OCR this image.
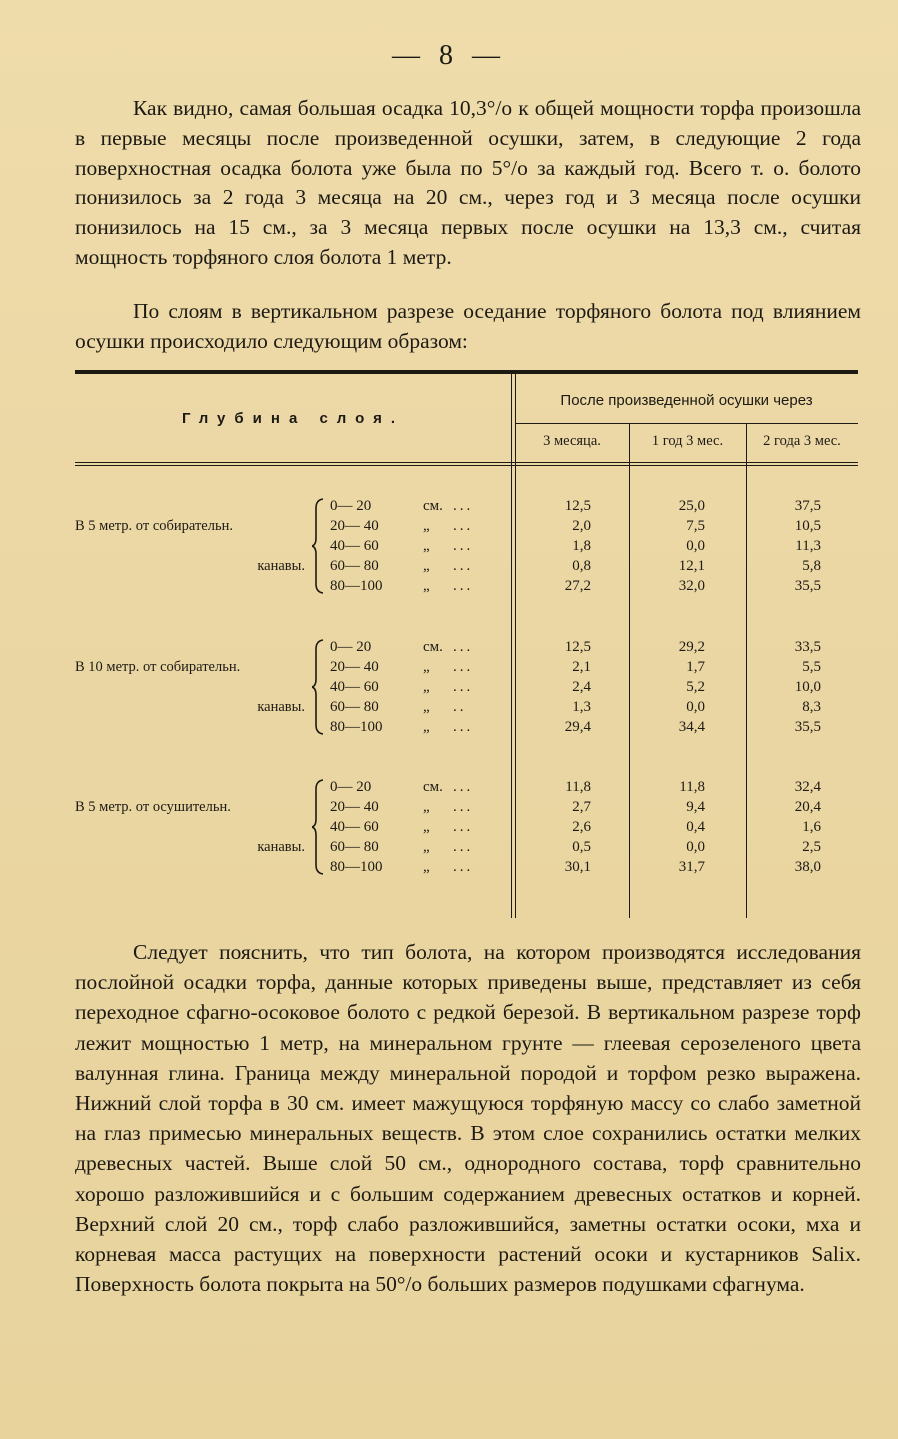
— 8 —

Как видно, самая большая осадка 10,3°/o к общей мощности торфа произошла в первые месяцы после произведенной осушки, затем, в следующие 2 года поверхностная осадка болота уже была по 5°/o за каждый год. Всего т. о. болото понизилось за 2 года 3 месяца на 20 см., через год и 3 месяца после осушки понизилось на 15 см., за 3 месяца первых после осушки на 13,3 см., считая мощность торфяного слоя болота 1 метр.

По слоям в вертикальном разрезе оседание торфяного болота под влиянием осушки происходило следующим образом:

Глубина слоя.
После произведенной осушки через
3 месяца.	1 год 3 мес.	2 года 3 мес.
В 5 метр. от собирательн.
канавы.
0— 20	см. ...	12,5	25,0	37,5
20— 40	„ ...	2,0	7,5	10,5
40— 60	„ ...	1,8	0,0	11,3
60— 80	„ ...	0,8	12,1	5,8
80—100	„ ...	27,2	32,0	35,5
В 10 метр. от собирательн.
канавы.
0— 20	см. ...	12,5	29,2	33,5
20— 40	„ ...	2,1	1,7	5,5
40— 60	„ ...	2,4	5,2	10,0
60— 80	„ ..	1,3	0,0	8,3
80—100	„ ...	29,4	34,4	35,5
В 5 метр. от осушительн.
канавы.
0— 20	см. ...	11,8	11,8	32,4
20— 40	„ ...	2,7	9,4	20,4
40— 60	„ ...	2,6	0,4	1,6
60— 80	„ ...	0,5	0,0	2,5
80—100	„ ...	30,1	31,7	38,0

Следует пояснить, что тип болота, на котором производятся исследования послойной осадки торфа, данные которых приведены выше, представляет из себя переходное сфагно-осоковое болото с редкой березой. В вертикальном разрезе торф лежит мощностью 1 метр, на минеральном грунте — глеевая серозеленого цвета валунная глина. Граница между минеральной породой и торфом резко выражена. Нижний слой торфа в 30 см. имеет мажущуюся торфяную массу со слабо заметной на глаз примесью минеральных веществ. В этом слое сохранились остатки мелких древесных частей. Выше слой 50 см., однородного состава, торф сравнительно хорошо разложившийся и с большим содержанием древесных остатков и корней. Верхний слой 20 см., торф слабо разложившийся, заметны остатки осоки, мха и корневая масса растущих на поверхности растений осоки и кустарников Salix. Поверхность болота покрыта на 50°/o больших размеров подушками сфагнума.
